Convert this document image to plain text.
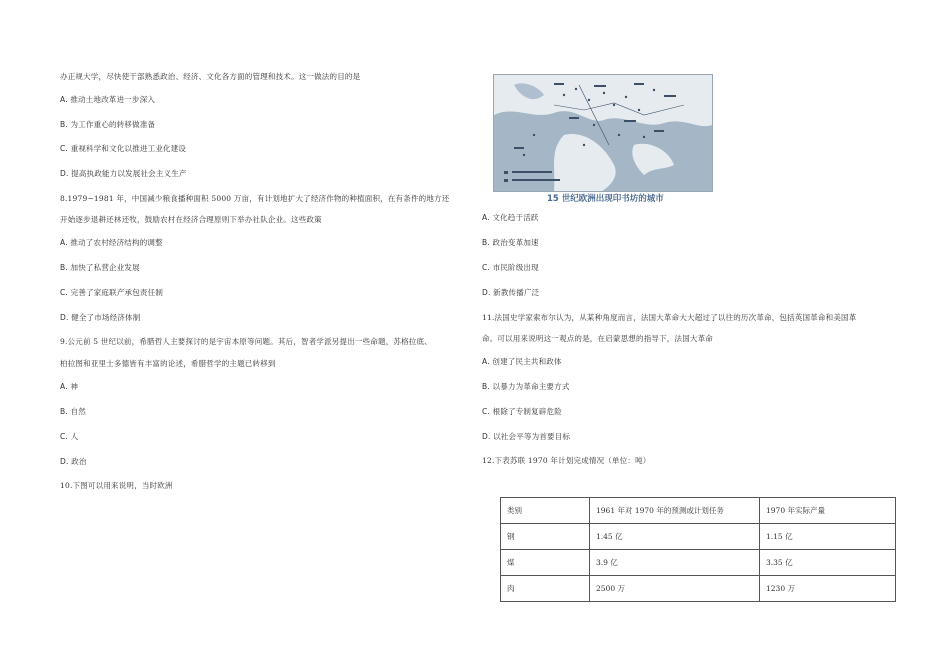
办正规大学，尽快使干部熟悉政治、经济、文化各方面的管理和技术。这一做法的目的是
A. 推动土地改革进一步深入
B. 为工作重心的转移做准备
C. 重视科学和文化以推进工业化建设
D. 提高执政能力以发展社会主义生产
8.1979~1981 年，中国减少粮食播种面积 5000 万亩，有计划地扩大了经济作物的种植面积，在有条件的地方还
开始逐步退耕还林还牧，鼓励农村在经济合理原则下举办社队企业。这些政策
A. 推动了农村经济结构的调整
B. 加快了私营企业发展
C. 完善了家庭联产承包责任制
D. 健全了市场经济体制
9.公元前 5 世纪以前，希腊哲人主要探讨的是宇宙本原等问题。其后，智者学派另提出一些命题，苏格拉底、
柏拉图和亚里士多德皆有丰富的论述，希腊哲学的主题已转移到
A. 神
B. 自然
C. 人
D. 政治
10.下图可以用来说明，当时欧洲
15 世纪欧洲出现印书坊的城市
A. 文化趋于活跃
B. 政治变革加速
C. 市民阶级出现
D. 新教传播广泛
11.法国史学家索布尔认为，从某种角度而言，法国大革命大大超过了以往的历次革命，包括英国革命和美国革
命。可以用来说明这一观点的是，在启蒙思想的指导下，法国大革命
A. 创建了民主共和政体
B. 以暴力为革命主要方式
C. 根除了专制复辟危险
D. 以社会平等为首要目标
12.下表苏联 1970 年计划完成情况（单位：吨）
类别	1961 年对 1970 年的预测或计划任务	1970 年实际产量
钢	1.45 亿	1.15 亿
煤	3.9 亿	3.35 亿
肉	2500 万	1230 万
